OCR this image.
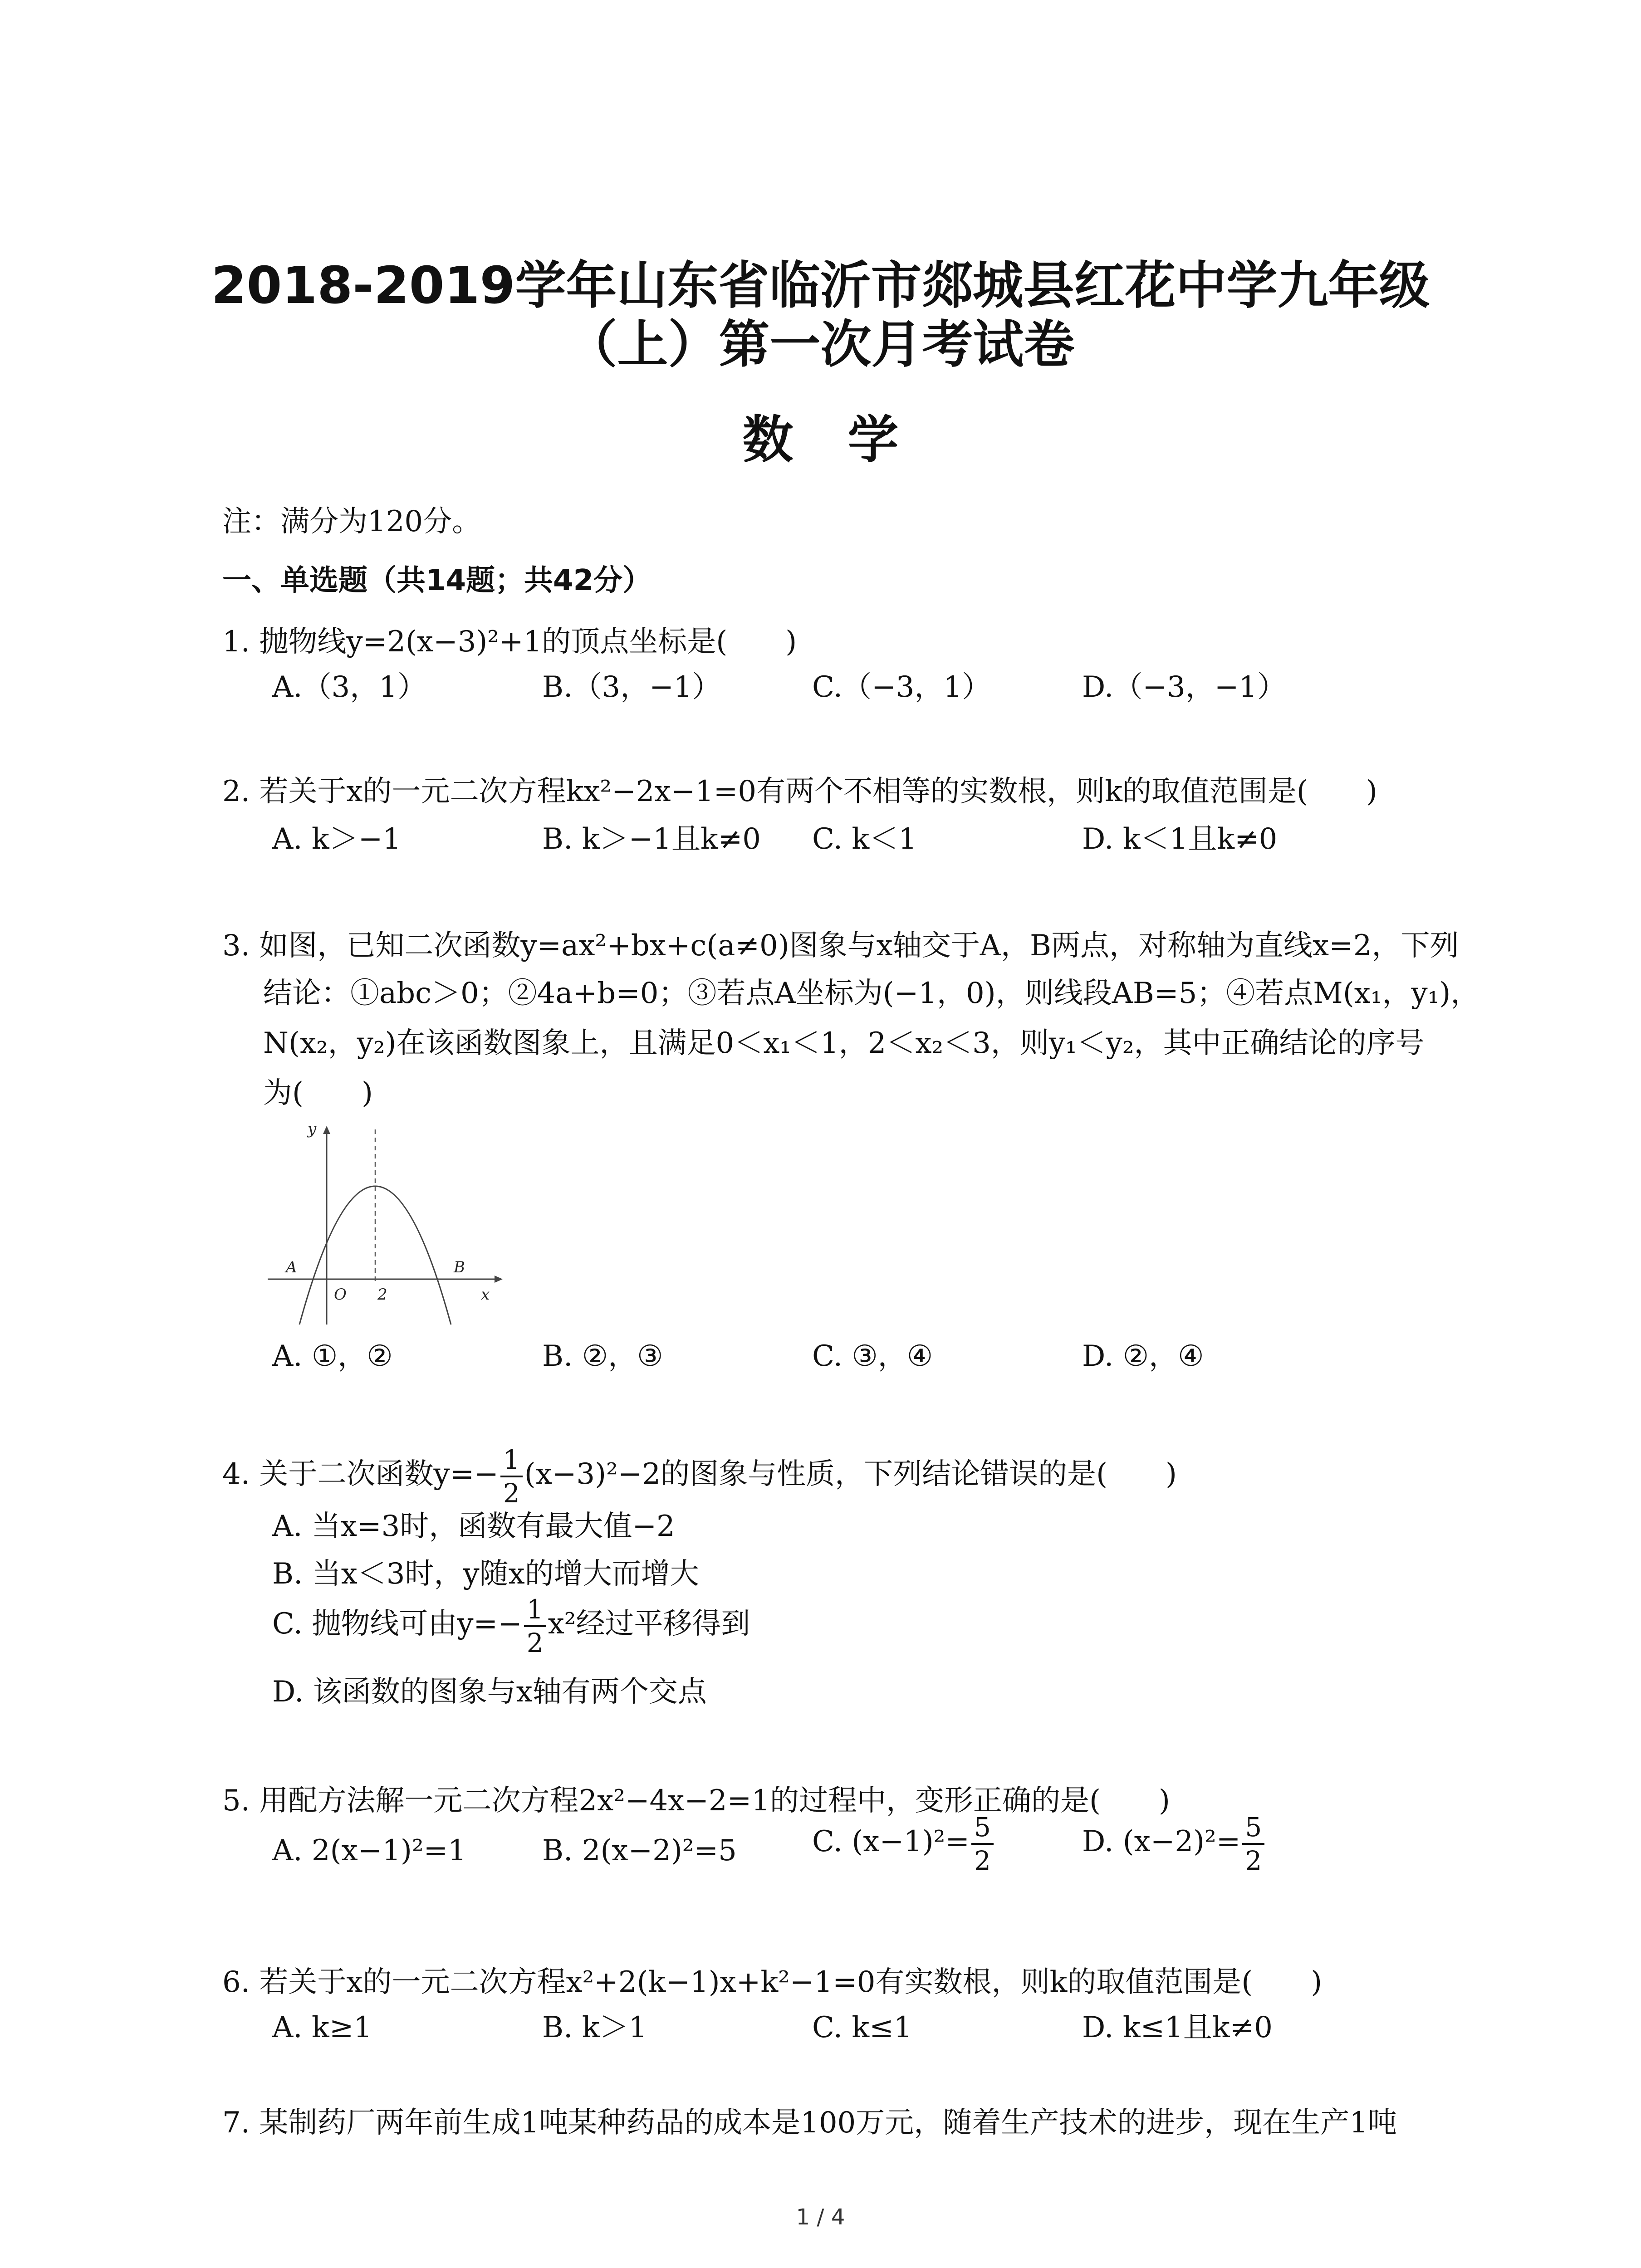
2018-2019学年山东省临沂市郯城县红花中学九年级
（上）第一次月考试卷
数学
注：满分为120分。
一、单选题（共14题；共42分）
1. 抛物线y=2(x−3)²+1的顶点坐标是(　　)
A.（3，1）	B.（3，−1）	C.（−3，1）	D.（−3，−1）
2. 若关于x的一元二次方程kx²−2x−1=0有两个不相等的实数根，则k的取值范围是(　　)
A. k＞−1	B. k＞−1且k≠0 C. k＜1	D. k＜1且k≠0
3. 如图，已知二次函数y=ax²+bx+c(a≠0)图象与x轴交于A，B两点，对称轴为直线x=2，下列
结论：①abc＞0；②4a+b=0；③若点A坐标为(−1，0)，则线段AB=5；④若点M(x₁，y₁)，
N(x₂，y₂)在该函数图象上，且满足0＜x₁＜1，2＜x₂＜3，则y₁＜y₂，其中正确结论的序号
为(　　)
y
x
O 2
A	B
A. ①，②	B. ②，③	C. ③，④	D. ②，④
4. 关于二次函数$y=- \frac{1}{2} (x-3)^2-2$的图象与性质，下列结论错误的是(　　)
A. 当x=3时，函数有最大值−2
B. 当x＜3时，y随x的增大而增大
C. 抛物线可由$y=- \frac{1}{2} x^2$经过平移得到
D. 该函数的图象与x轴有两个交点
5. 用配方法解一元二次方程2x²−4x−2=1的过程中，变形正确的是(　　)
A. 2(x−1)²=1	B. 2(x−2)²=5	C. $(x-1)^2= \frac{5}{2}$	D. $(x-2)^2= \frac{5}{2}$
6. 若关于x的一元二次方程x²+2(k−1)x+k²−1=0有实数根，则k的取值范围是(　　)
A. k≥1	B. k＞1	C. k≤1	D. k≤1且k≠0
7. 某制药厂两年前生成1吨某种药品的成本是100万元，随着生产技术的进步，现在生产1吨
1 / 4
